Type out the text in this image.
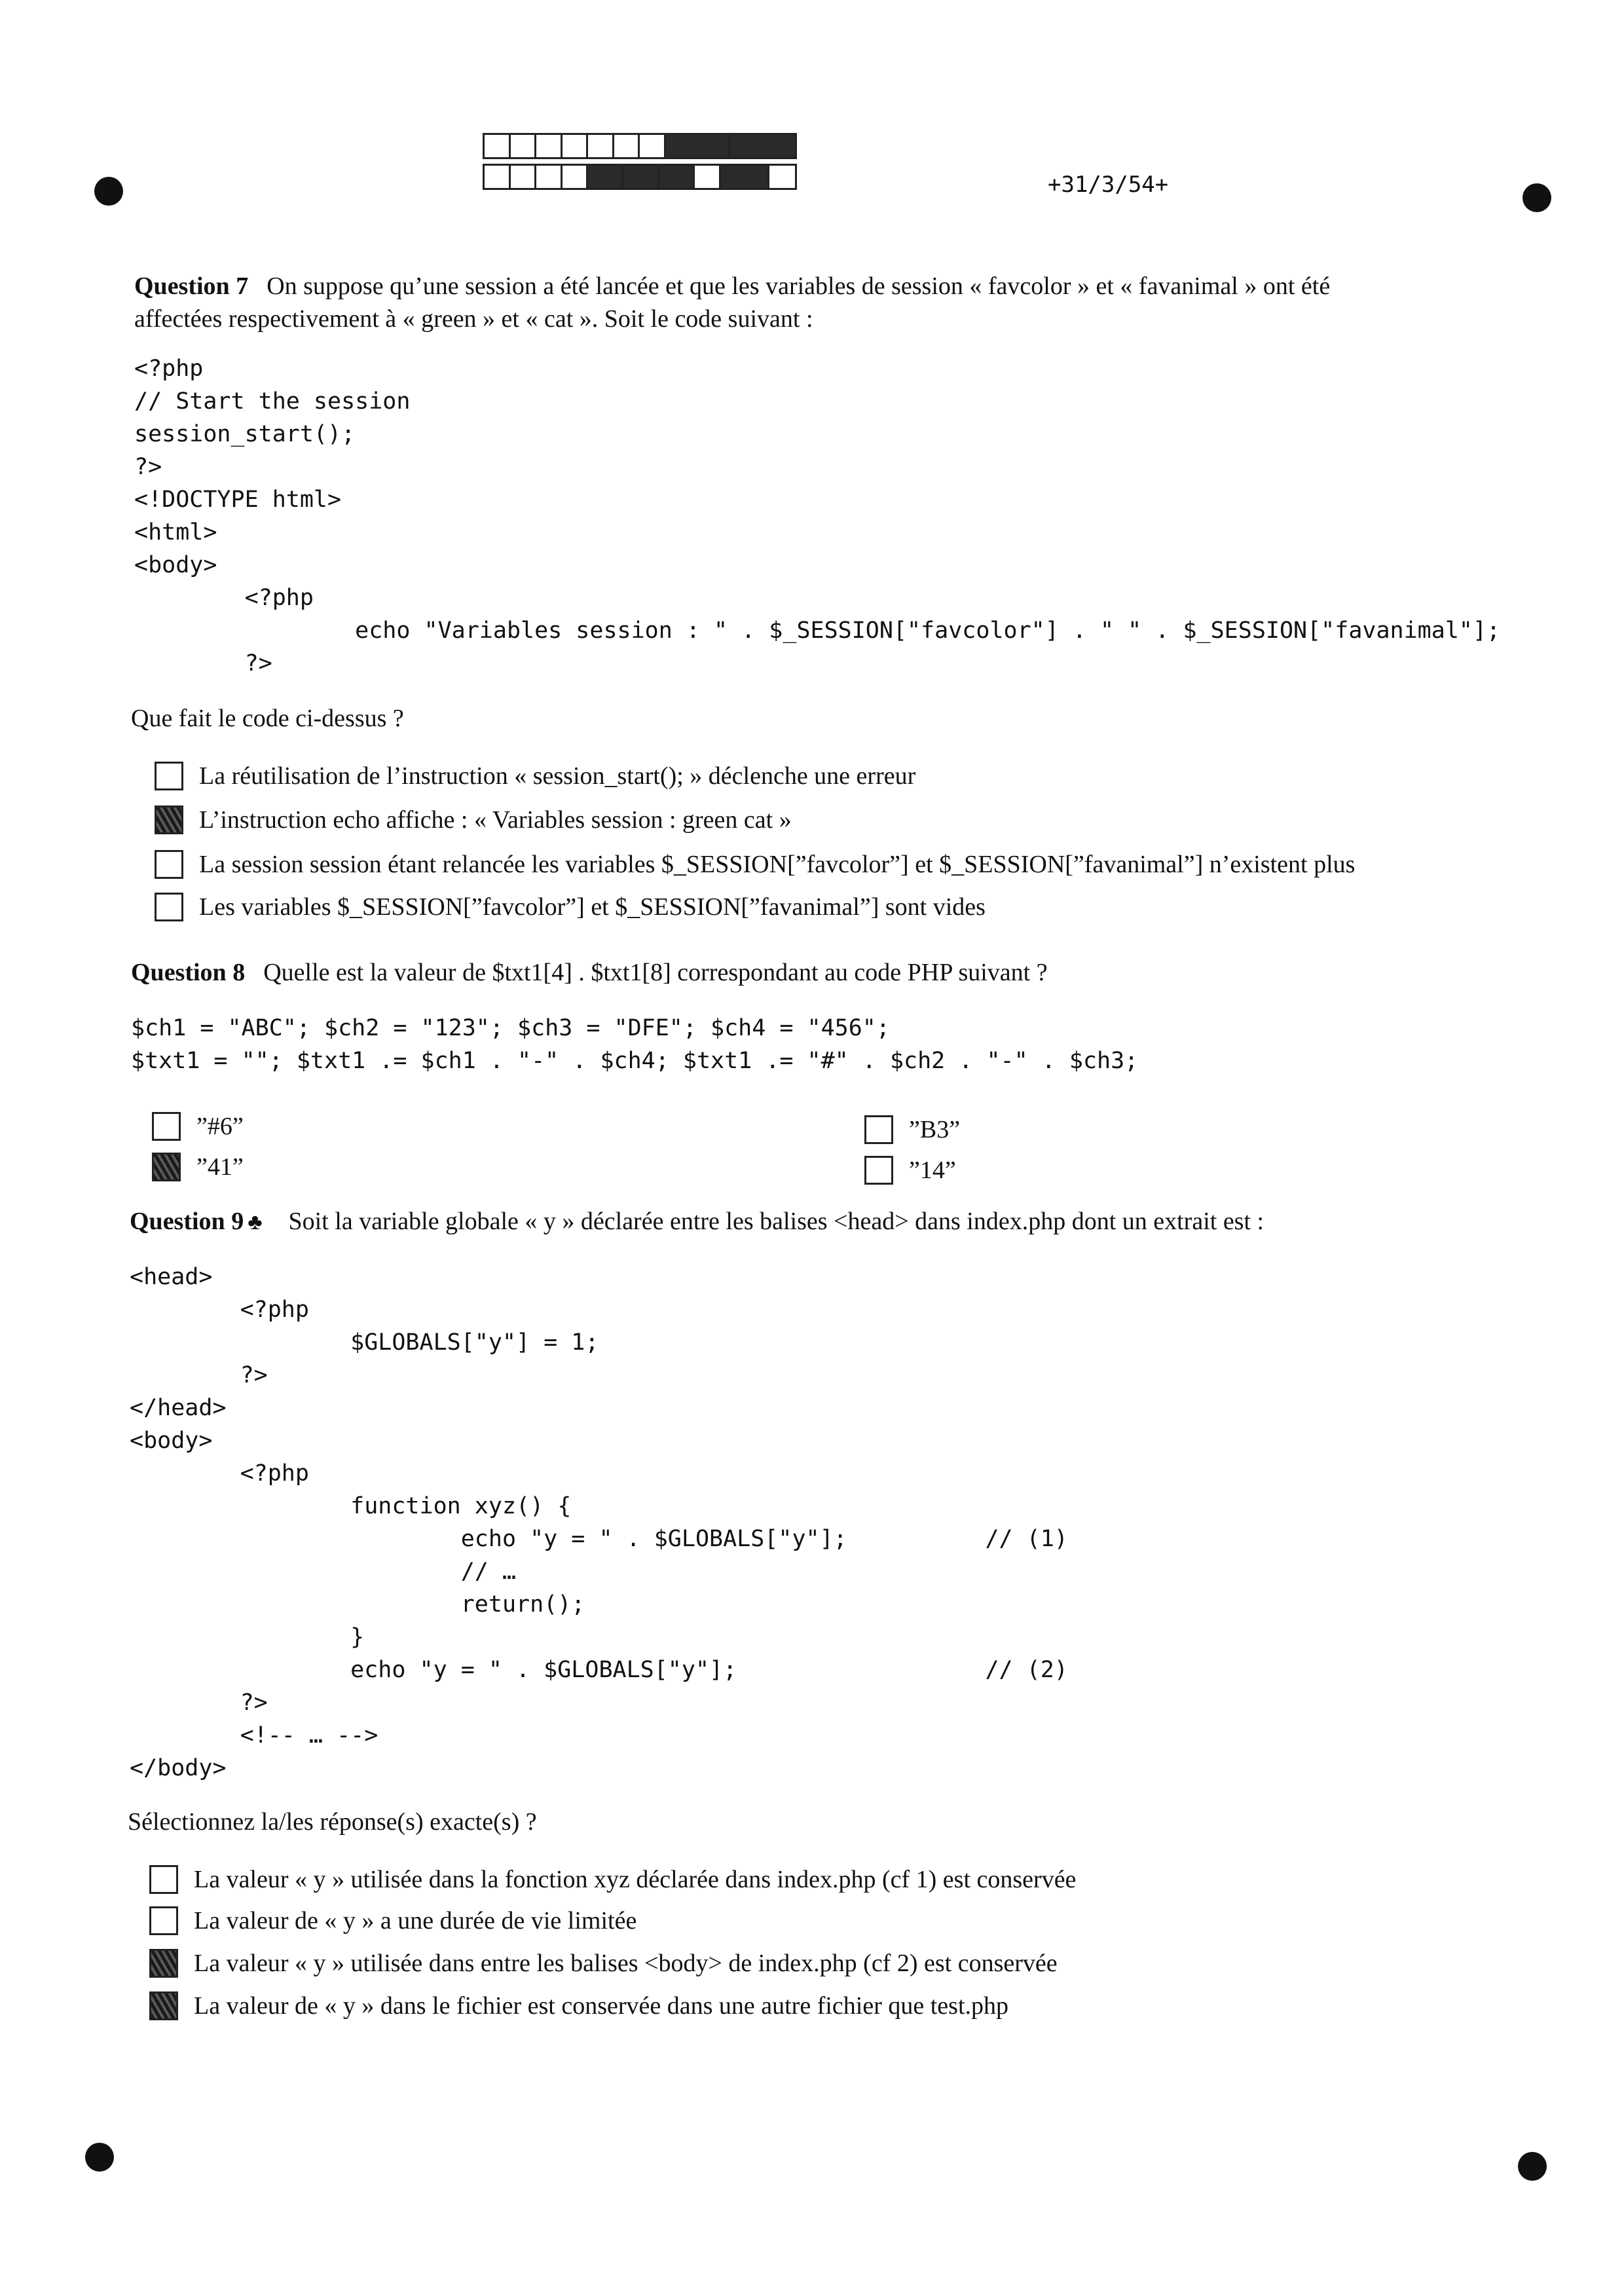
+31/3/54+
Question 7 On suppose qu’une session a été lancée et que les variables de session « favcolor » et « favanimal » ont été
affectées respectivement à « green » et « cat ». Soit le code suivant :
<?php
// Start the session
session_start();
?>
<!DOCTYPE html>
<html>
<body>
<?php
echo "Variables session : " . $_SESSION["favcolor"] . " " . $_SESSION["favanimal"];
?>
Que fait le code ci-dessus ?
La réutilisation de l’instruction « session_start(); » déclenche une erreur
L’instruction echo affiche : « Variables session : green cat »
La session session étant relancée les variables $_SESSION[”favcolor”] et $_SESSION[”favanimal”] n’existent plus
Les variables $_SESSION[”favcolor”] et $_SESSION[”favanimal”] sont vides
Question 8 Quelle est la valeur de $txt1[4] . $txt1[8] correspondant au code PHP suivant ?
$ch1 = "ABC"; $ch2 = "123"; $ch3 = "DFE"; $ch4 = "456";
$txt1 = ""; $txt1 .= $ch1 . "-" . $ch4; $txt1 .= "#" . $ch2 . "-" . $ch3;
”#6”
”41”
”B3”
”14”
Question 9 ♣ Soit la variable globale « y » déclarée entre les balises <head> dans index.php dont un extrait est :
<head>
<?php
$GLOBALS["y"] = 1;
?>
</head>
<body>
<?php
function xyz() {
echo "y = " . $GLOBALS["y"];          // (1)
// …
return();
}
echo "y = " . $GLOBALS["y"];                  // (2)
?>
<!-- … -->
</body>
Sélectionnez la/les réponse(s) exacte(s) ?
La valeur « y » utilisée dans la fonction xyz déclarée dans index.php (cf 1) est conservée
La valeur de « y » a une durée de vie limitée
La valeur « y » utilisée dans entre les balises <body> de index.php (cf 2) est conservée
La valeur de « y » dans le fichier est conservée dans une autre fichier que test.php
